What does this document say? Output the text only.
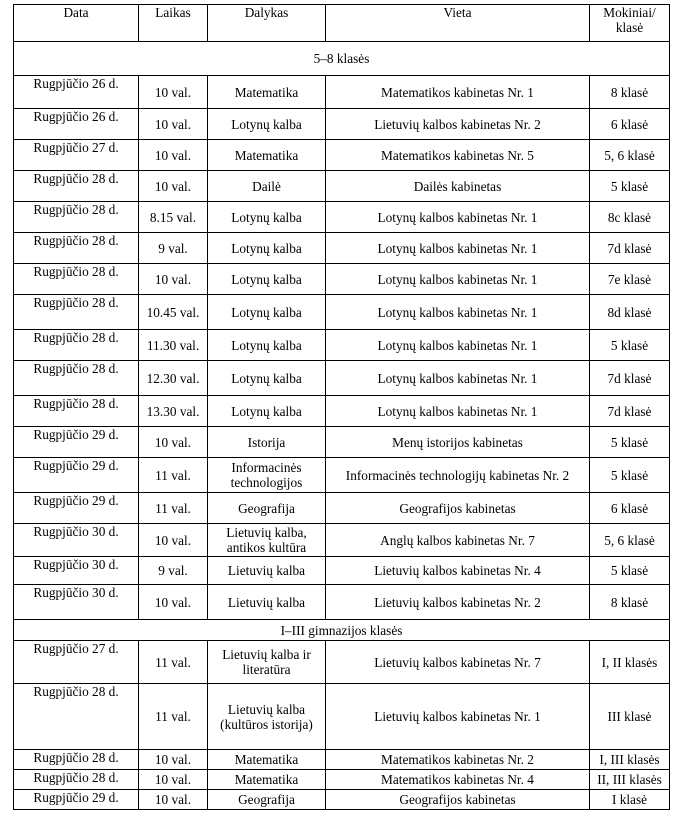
Data	Laikas	Dalykas	Vieta	Mokiniai/
klasė
5–8 klasės				
Rugpjūčio 26 d.	10 val.	Matematika	Matematikos kabinetas Nr. 1	8 klasė
Rugpjūčio 26 d.	10 val.	Lotynų kalba	Lietuvių kalbos kabinetas Nr. 2	6 klasė
Rugpjūčio 27 d.	10 val.	Matematika	Matematikos kabinetas Nr. 5	5, 6 klasė
Rugpjūčio 28 d.	10 val.	Dailė	Dailės kabinetas	5 klasė
Rugpjūčio 28 d.	8.15 val.	Lotynų kalba	Lotynų kalbos kabinetas Nr. 1	8c klasė
Rugpjūčio 28 d.	9 val.	Lotynų kalba	Lotynų kalbos kabinetas Nr. 1	7d klasė
Rugpjūčio 28 d.	10 val.	Lotynų kalba	Lotynų kalbos kabinetas Nr. 1	7e klasė
Rugpjūčio 28 d.	10.45 val.	Lotynų kalba	Lotynų kalbos kabinetas Nr. 1	8d klasė
Rugpjūčio 28 d.	11.30 val.	Lotynų kalba	Lotynų kalbos kabinetas Nr. 1	5 klasė
Rugpjūčio 28 d.	12.30 val.	Lotynų kalba	Lotynų kalbos kabinetas Nr. 1	7d klasė
Rugpjūčio 28 d.	13.30 val.	Lotynų kalba	Lotynų kalbos kabinetas Nr. 1	7d klasė
Rugpjūčio 29 d.	10 val.	Istorija	Menų istorijos kabinetas	5 klasė
Rugpjūčio 29 d.	11 val.	Informacinės technologijos	Informacinės technologijų kabinetas Nr. 2	5 klasė
Rugpjūčio 29 d.	11 val.	Geografija	Geografijos kabinetas	6 klasė
Rugpjūčio 30 d.	10 val.	Lietuvių kalba, antikos kultūra	Anglų kalbos kabinetas Nr. 7	5, 6 klasė
Rugpjūčio 30 d.	9 val.	Lietuvių kalba	Lietuvių kalbos kabinetas Nr. 4	5 klasė
Rugpjūčio 30 d.	10 val.	Lietuvių kalba	Lietuvių kalbos kabinetas Nr. 2	8 klasė
I–III gimnazijos klasės				
Rugpjūčio 27 d.	11 val.	Lietuvių kalba ir literatūra	Lietuvių kalbos kabinetas Nr. 7	I, II klasės
Rugpjūčio 28 d.	11 val.	Lietuvių kalba (kultūros istorija)	Lietuvių kalbos kabinetas Nr. 1	III klasė
Rugpjūčio 28 d.	10 val.	Matematika	Matematikos kabinetas Nr. 2	I, III klasės
Rugpjūčio 28 d.	10 val.	Matematika	Matematikos kabinetas Nr. 4	II, III klasės
Rugpjūčio 29 d.	10 val.	Geografija	Geografijos kabinetas	I klasė
